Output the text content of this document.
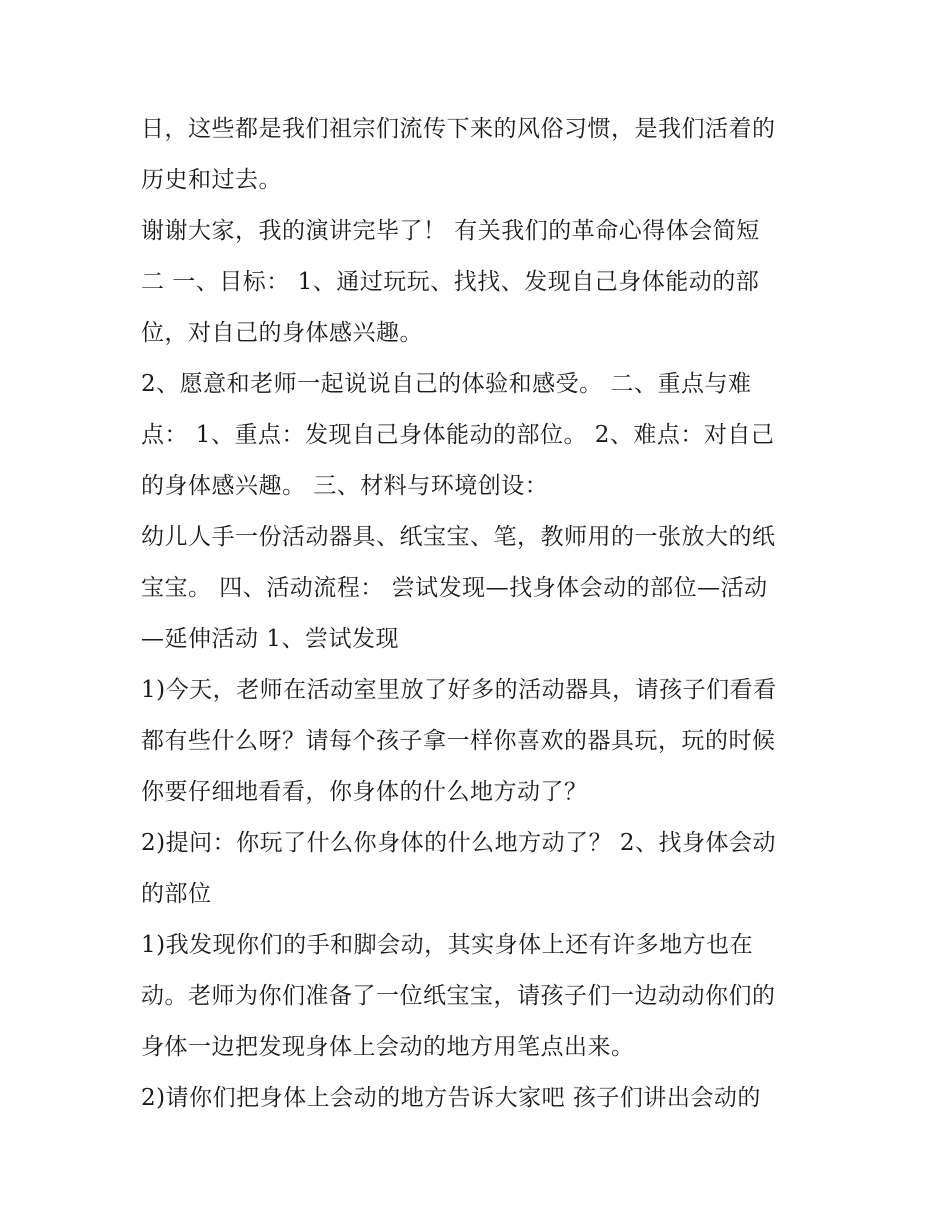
日，这些都是我们祖宗们流传下来的风俗习惯，是我们活着的
历史和过去。
谢谢大家，我的演讲完毕了！ 有关我们的革命心得体会简短
二 一、目标： 1、通过玩玩、找找、发现自己身体能动的部
位，对自己的身体感兴趣。
2、愿意和老师一起说说自己的体验和感受。 二、重点与难
点： 1、重点：发现自己身体能动的部位。 2、难点：对自己
的身体感兴趣。 三、材料与环境创设：
幼儿人手一份活动器具、纸宝宝、笔，教师用的一张放大的纸
宝宝。 四、活动流程： 尝试发现—找身体会动的部位—活动
—延伸活动 1、尝试发现
1)今天，老师在活动室里放了好多的活动器具，请孩子们看看
都有些什么呀？请每个孩子拿一样你喜欢的器具玩，玩的时候
你要仔细地看看，你身体的什么地方动了？
2)提问：你玩了什么你身体的什么地方动了？ 2、找身体会动
的部位
1)我发现你们的手和脚会动，其实身体上还有许多地方也在
动。老师为你们准备了一位纸宝宝，请孩子们一边动动你们的
身体一边把发现身体上会动的地方用笔点出来。
2)请你们把身体上会动的地方告诉大家吧 孩子们讲出会动的
